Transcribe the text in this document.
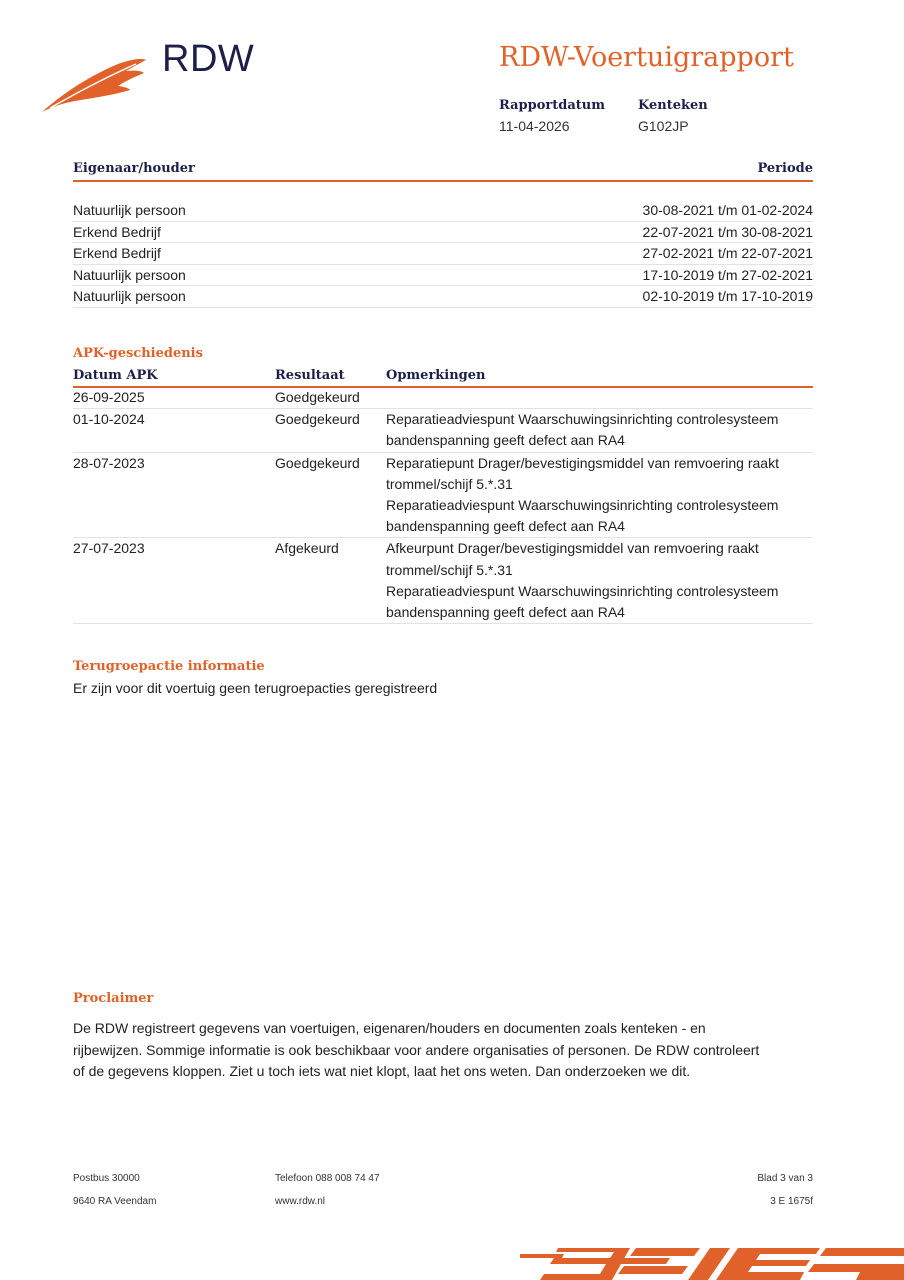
RDW	RDW-Voertuigrapport
Rapportdatum
11-04-2026
Kenteken
G102JP
Eigenaar/houder	Periode
Natuurlijk persoon	30-08-2021 t/m 01-02-2024
Erkend Bedrijf	22-07-2021 t/m 30-08-2021
Erkend Bedrijf	27-02-2021 t/m 22-07-2021
Natuurlijk persoon	17-10-2019 t/m 27-02-2021
Natuurlijk persoon	02-10-2019 t/m 17-10-2019
APK-geschiedenis
Datum APK	Resultaat	Opmerkingen
26-09-2025	Goedgekeurd

01-10-2024	Goedgekeurd	Reparatieadviespunt Waarschuwingsinrichting controlesysteem bandenspanning geeft defect aan RA4
28-07-2023	Goedgekeurd	Reparatiepunt Drager/bevestigingsmiddel van remvoering raakt trommel/schijf 5.*.31
Reparatieadviespunt Waarschuwingsinrichting controlesysteem bandenspanning geeft defect aan RA4
27-07-2023	Afgekeurd	Afkeurpunt Drager/bevestigingsmiddel van remvoering raakt trommel/schijf 5.*.31
Reparatieadviespunt Waarschuwingsinrichting controlesysteem bandenspanning geeft defect aan RA4
Terugroepactie informatie
Er zijn voor dit voertuig geen terugroepacties geregistreerd
Proclaimer
De RDW registreert gegevens van voertuigen, eigenaren/houders en documenten zoals kenteken - en rijbewijzen. Sommige informatie is ook beschikbaar voor andere organisaties of personen. De RDW controleert of de gegevens kloppen. Ziet u toch iets wat niet klopt, laat het ons weten. Dan onderzoeken we dit.
Postbus 30000
9640 RA Veendam
Telefoon 088 008 74 47
www.rdw.nl
Blad 3 van 3
3 E 1675f
